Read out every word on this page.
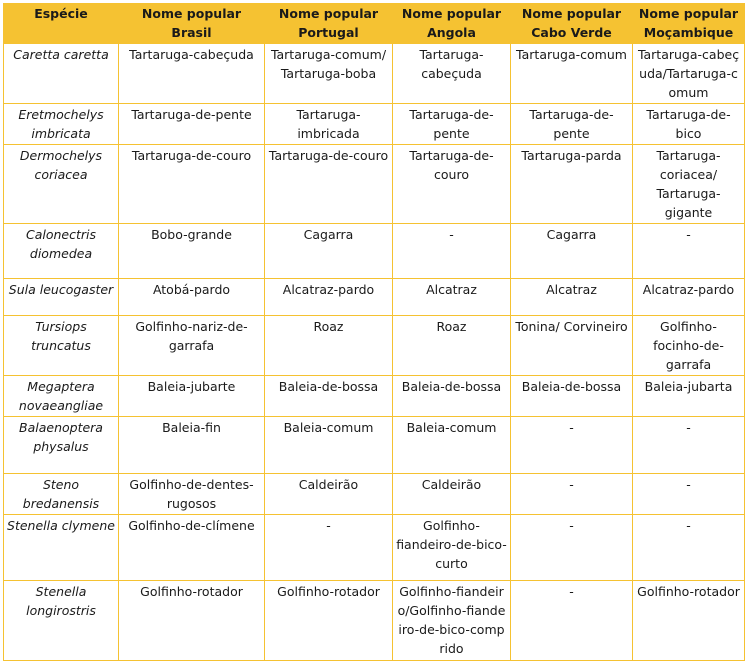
Espécie	Nome popular Brasil	Nome popular Portugal	Nome popular Angola	Nome popular Cabo Verde	Nome popular Moçambique
Caretta caretta	Tartaruga-cabeçuda	Tartaruga-comum/Tartaruga-boba	Tartaruga-cabeçuda	Tartaruga-comum	Tartaruga-cabeçuda/Tartaruga-comum
Eretmochelys imbricata	Tartaruga-de-pente	Tartaruga-imbricada	Tartaruga-de-pente	Tartaruga-de-pente	Tartaruga-de-bico
Dermochelys coriacea	Tartaruga-de-couro	Tartaruga-de-couro	Tartaruga-de-couro	Tartaruga-parda	Tartaruga-coriacea/ Tartaruga-gigante
Calonectris diomedea	Bobo-grande	Cagarra	-	Cagarra	-
Sula leucogaster	Atobá-pardo	Alcatraz-pardo	Alcatraz	Alcatraz	Alcatraz-pardo
Tursiops truncatus	Golfinho-nariz-de-garrafa	Roaz	Roaz	Tonina/ Corvineiro	Golfinho-focinho-de-garrafa
Megaptera novaeangliae	Baleia-jubarte	Baleia-de-bossa	Baleia-de-bossa	Baleia-de-bossa	Baleia-jubarta
Balaenoptera physalus	Baleia-fin	Baleia-comum	Baleia-comum	-	-
Steno bredanensis	Golfinho-de-dentes-rugosos	Caldeirão	Caldeirão	-	-
Stenella clymene	Golfinho-de-clímene	-	Golfinho-fiandeiro-de-bico-curto	-	-
Stenella longirostris	Golfinho-rotador	Golfinho-rotador	Golfinho-fiandeiro/Golfinho-fiandeiro-de-bico-comprido	-	Golfinho-rotador
